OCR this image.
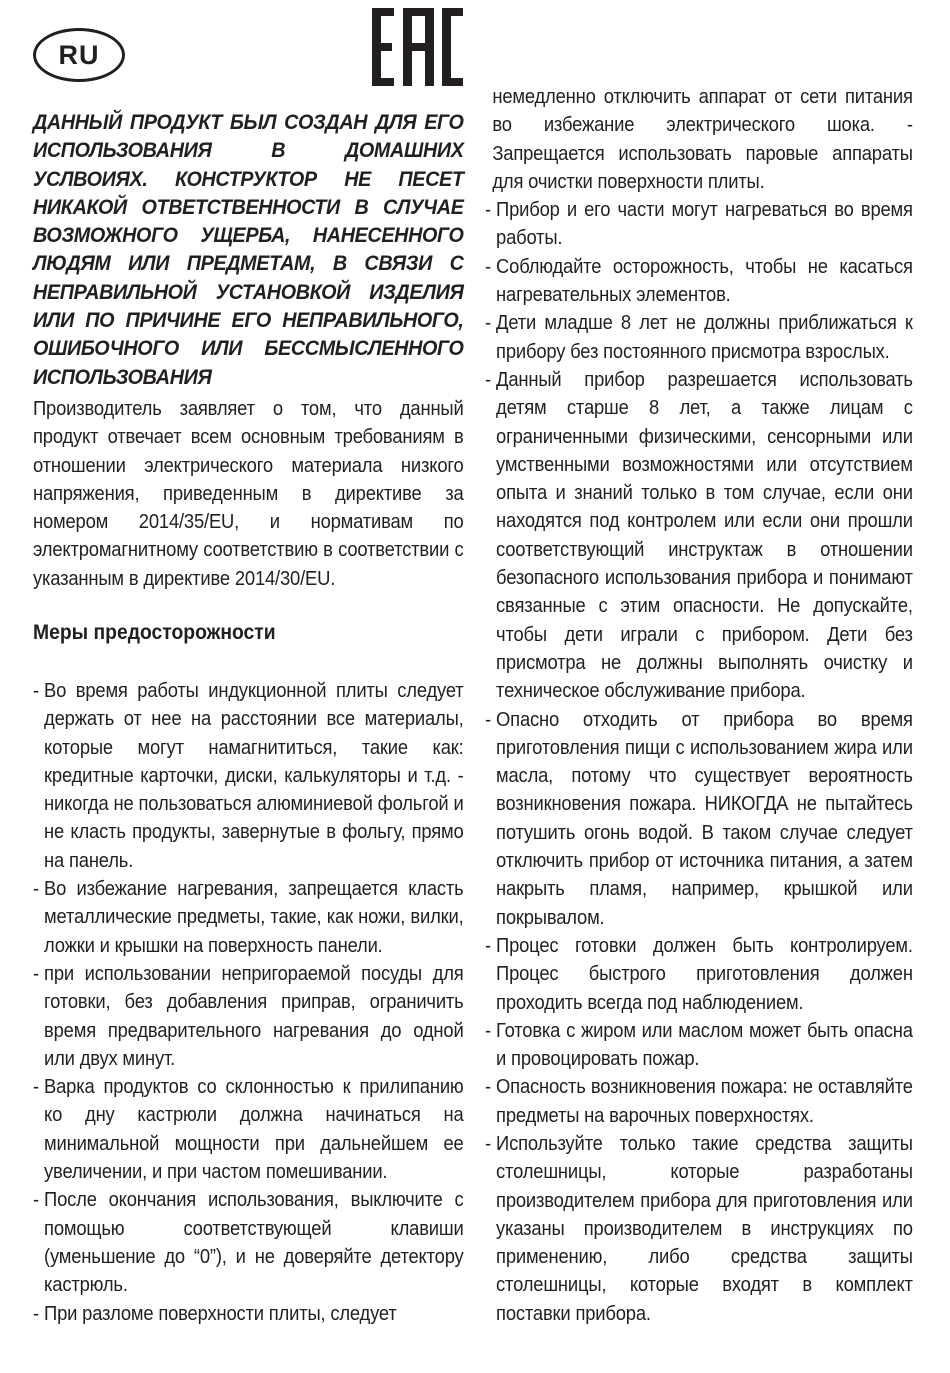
RU

ДАННЫЙ ПРОДУКТ БЫЛ СОЗДАН ДЛЯ ЕГО ИСПОЛЬЗОВАНИЯ В ДОМАШНИХ УСЛВОИЯХ. КОНСТРУКТОР НЕ ПЕСЕТ НИКАКОЙ ОТВЕТСТВЕННОСТИ В СЛУЧАЕ ВОЗМОЖНОГО УЩЕРБА, НАНЕСЕННОГО ЛЮДЯМ ИЛИ ПРЕДМЕТАМ, В СВЯЗИ С НЕПРАВИЛЬНОЙ УСТАНОВКОЙ ИЗДЕЛИЯ ИЛИ ПО ПРИЧИНЕ ЕГО НЕПРАВИЛЬНОГО, ОШИБОЧНОГО ИЛИ БЕССМЫСЛЕННОГО ИСПОЛЬЗОВАНИЯ

Производитель заявляет о том, что данный продукт отвечает всем основным требованиям в отношении электрического материала низкого напряжения, приведенным в директиве за номером 2014/35/EU, и нормативам по электромагнитному соответствию в соответствии с указанным в директиве 2014/30/EU.

Меры предосторожности
- Во время работы индукционной плиты следует держать от нее на расстоянии все материалы, которые могут намагнититься, такие как: кредитные карточки, диски, калькуляторы и т.д. - никогда не пользоваться алюминиевой фольгой и не класть продукты, завернутые в фольгу, прямо на панель.
- Во избежание нагревания, запрещается класть металлические предметы, такие, как ножи, вилки, ложки и крышки на поверхность панели.
- при использовании непригораемой посуды для готовки, без добавления приправ, ограничить время предварительного нагревания до одной или двух минут.
- Варка продуктов со склонностью к прилипанию ко дну кастрюли должна начинаться на минимальной мощности при дальнейшем ее увеличении, и при частом помешивании.
- После окончания использования, выключите с помощью соответствующей клавиши (уменьшение до “0”), и не доверяйте детектору кастрюль.
- При разломе поверхности плиты, следует
немедленно отключить аппарат от сети питания во избежание электрического шока. - Запрещается использовать паровые аппараты для очистки поверхности плиты.
- Прибор и его части могут нагреваться во время работы.
- Соблюдайте осторожность, чтобы не касаться нагревательных элементов.
- Дети младше 8 лет не должны приближаться к прибору без постоянного присмотра взрослых.
- Данный прибор разрешается использовать детям старше 8 лет, а также лицам с ограниченными физическими, сенсорными или умственными возможностями или отсутствием опыта и знаний только в том случае, если они находятся под контролем или если они прошли соответствующий инструктаж в отношении безопасного использования прибора и понимают связанные с этим опасности. Не допускайте, чтобы дети играли с прибором. Дети без присмотра не должны выполнять очистку и техническое обслуживание прибора.
- Опасно отходить от прибора во время приготовления пищи с использованием жира или масла, потому что существует вероятность возникновения пожара. НИКОГДА не пытайтесь потушить огонь водой. В таком случае следует отключить прибор от источника питания, а затем накрыть пламя, например, крышкой или покрывалом.
- Процес готовки должен быть контролируем. Процес быстрого приготовления должен проходить всегда под наблюдением.
- Готовка с жиром или маслом может быть опасна и провоцировать пожар.
- Опасность возникновения пожара: не оставляйте предметы на варочных поверхностях.
- Используйте только такие средства защиты столешницы, которые разработаны производителем прибора для приготовления или указаны производителем в инструкциях по применению, либо средства защиты столешницы, которые входят в комплект поставки прибора.
